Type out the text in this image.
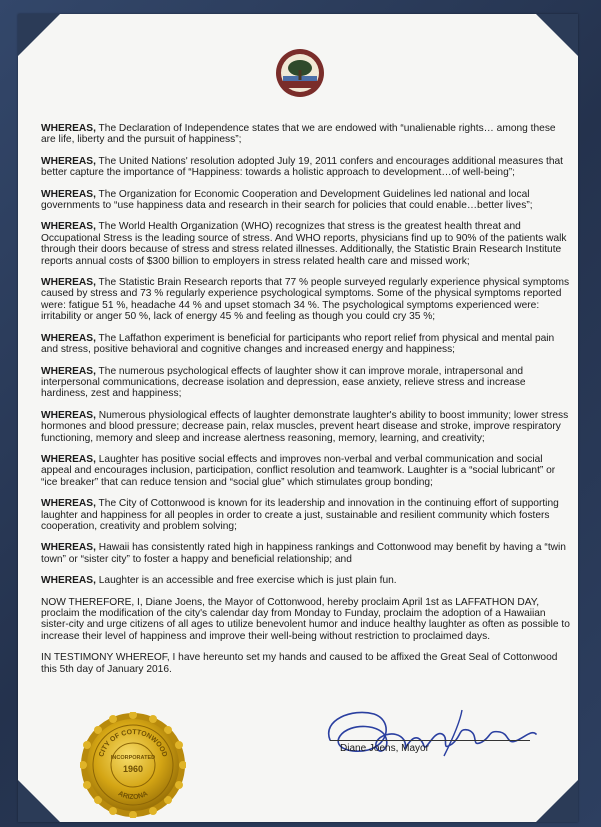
WHEREAS, The Declaration of Independence states that we are endowed with “unalienable rights… among these are life, liberty and the pursuit of happiness”;

WHEREAS, The United Nations' resolution adopted July 19, 2011 confers and encourages additional measures that better capture the importance of “Happiness: towards a holistic approach to development…of well-being”;

WHEREAS, The Organization for Economic Cooperation and Development Guidelines led national and local governments to “use happiness data and research in their search for policies that could enable…better lives”;

WHEREAS, The World Health Organization (WHO) recognizes that stress is the greatest health threat and Occupational Stress is the leading source of stress. And WHO reports, physicians find up to 90% of the patients walk through their doors because of stress and stress related illnesses. Additionally, the Statistic Brain Research Institute reports annual costs of $300 billion to employers in stress related health care and missed work;

WHEREAS, The Statistic Brain Research reports that 77 % people surveyed regularly experience physical symptoms caused by stress and 73 % regularly experience psychological symptoms. Some of the physical symptoms reported were: fatigue 51 %, headache 44 % and upset stomach 34 %. The psychological symptoms experienced were: irritability or anger 50 %, lack of energy 45 % and feeling as though you could cry 35 %;

WHEREAS, The Laffathon experiment is beneficial for participants who report relief from physical and mental pain and stress, positive behavioral and cognitive changes and increased energy and happiness;

WHEREAS, The numerous psychological effects of laughter show it can improve morale, intrapersonal and interpersonal communications, decrease isolation and depression, ease anxiety, relieve stress and increase hardiness, zest and happiness;

WHEREAS, Numerous physiological effects of laughter demonstrate laughter's ability to boost immunity; lower stress hormones and blood pressure; decrease pain, relax muscles, prevent heart disease and stroke, improve respiratory functioning, memory and sleep and increase alertness reasoning, memory, learning, and creativity;

WHEREAS, Laughter has positive social effects and improves non-verbal and verbal communication and social appeal and encourages inclusion, participation, conflict resolution and teamwork. Laughter is a “social lubricant” or “ice breaker” that can reduce tension and “social glue” which stimulates group bonding;

WHEREAS, The City of Cottonwood is known for its leadership and innovation in the continuing effort of supporting laughter and happiness for all peoples in order to create a just, sustainable and resilient community which fosters cooperation, creativity and problem solving;

WHEREAS, Hawaii has consistently rated high in happiness rankings and Cottonwood may benefit by having a “twin town” or “sister city” to foster a happy and beneficial relationship; and

WHEREAS, Laughter is an accessible and free exercise which is just plain fun.

NOW THEREFORE, I, Diane Joens, the Mayor of Cottonwood, hereby proclaim April 1st as LAFFATHON DAY, proclaim the modification of the city's calendar day from Monday to Funday, proclaim the adoption of a Hawaiian sister-city and urge citizens of all ages to utilize benevolent humor and induce healthy laughter as often as possible to increase their level of happiness and improve their well-being without restriction to proclaimed days.

IN TESTIMONY WHEREOF, I have hereunto set my hands and caused to be affixed the Great Seal of Cottonwood this 5th day of January 2016.

Diane Joens, Mayor
CITY OF COTTONWOOD
ARIZONA
INCORPORATED
1960
